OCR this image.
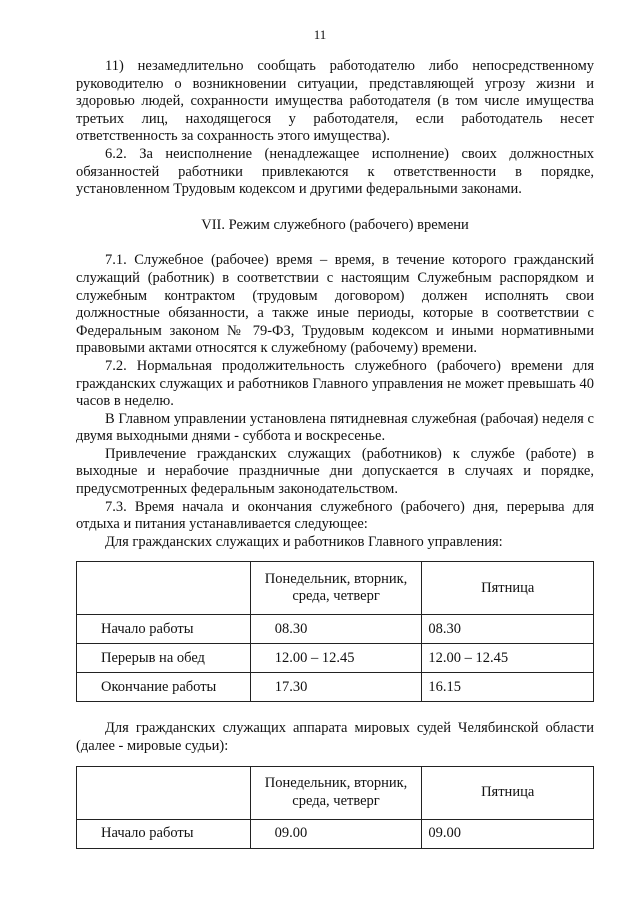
11

11) незамедлительно сообщать работодателю либо непосредственному руководителю о возникновении ситуации, представляющей угрозу жизни и здоровью людей, сохранности имущества работодателя (в том числе имущества третьих лиц, находящегося у работодателя, если работодатель несет ответственность за сохранность этого имущества).

6.2. За неисполнение (ненадлежащее исполнение) своих должностных обязанностей работники привлекаются к ответственности в порядке, установленном Трудовым кодексом и другими федеральными законами.

VII. Режим служебного (рабочего) времени

7.1. Служебное (рабочее) время – время, в течение которого гражданский служащий (работник) в соответствии с настоящим Служебным распорядком и служебным контрактом (трудовым договором) должен исполнять свои должностные обязанности, а также иные периоды, которые в соответствии с Федеральным законом № 79-ФЗ, Трудовым кодексом и иными нормативными правовыми актами относятся к служебному (рабочему) времени.

7.2. Нормальная продолжительность служебного (рабочего) времени для гражданских служащих и работников Главного управления не может превышать 40 часов в неделю.

В Главном управлении установлена пятидневная служебная (рабочая) неделя с двумя выходными днями - суббота и воскресенье.

Привлечение гражданских служащих (работников) к службе (работе) в выходные и нерабочие праздничные дни допускается в случаях и порядке, предусмотренных федеральным законодательством.

7.3. Время начала и окончания служебного (рабочего) дня, перерыва для отдыха и питания устанавливается следующее:

Для гражданских служащих и работников Главного управления:

	Понедельник, вторник, среда, четверг	Пятница
Начало работы	08.30	08.30
Перерыв на обед	12.00 – 12.45	12.00 – 12.45
Окончание работы	17.30	16.15

Для гражданских служащих аппарата мировых судей Челябинской области (далее - мировые судьи):

	Понедельник, вторник, среда, четверг	Пятница
Начало работы	09.00	09.00
